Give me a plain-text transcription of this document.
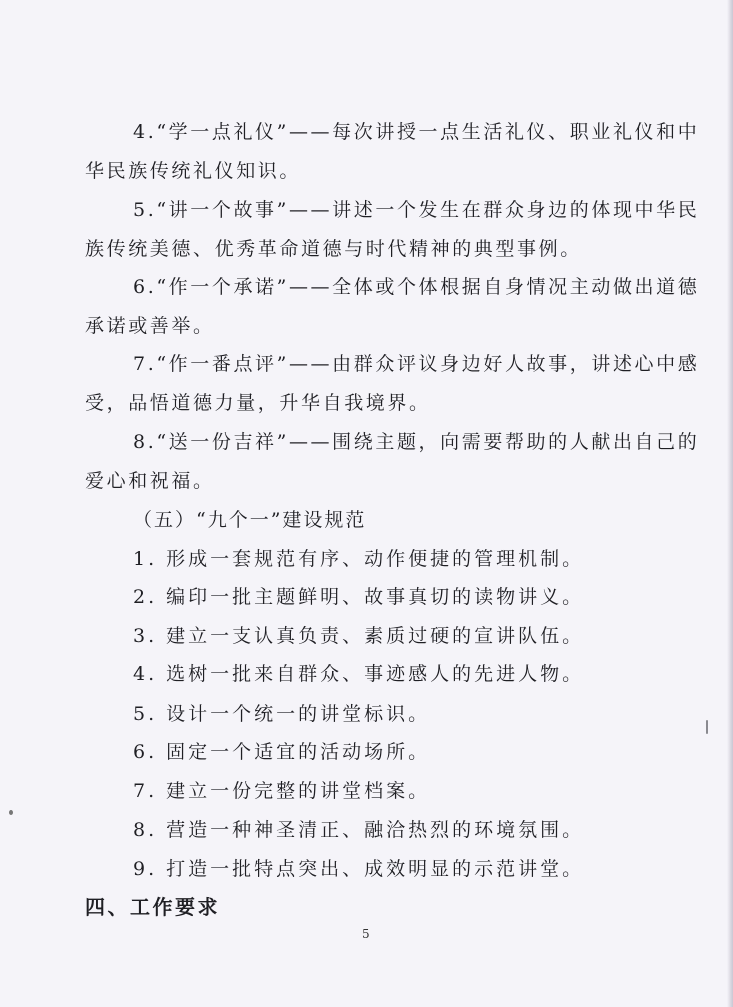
4.“学一点礼仪”——每次讲授一点生活礼仪、职业礼仪和中
华民族传统礼仪知识。
5.“讲一个故事”——讲述一个发生在群众身边的体现中华民
族传统美德、优秀革命道德与时代精神的典型事例。
6.“作一个承诺”——全体或个体根据自身情况主动做出道德
承诺或善举。
7.“作一番点评”——由群众评议身边好人故事，讲述心中感
受，品悟道德力量，升华自我境界。
8.“送一份吉祥”——围绕主题，向需要帮助的人献出自己的
爱心和祝福。
（五）“九个一”建设规范
1. 形成一套规范有序、动作便捷的管理机制。
2. 编印一批主题鲜明、故事真切的读物讲义。
3. 建立一支认真负责、素质过硬的宣讲队伍。
4. 选树一批来自群众、事迹感人的先进人物。
5. 设计一个统一的讲堂标识。
6. 固定一个适宜的活动场所。
7. 建立一份完整的讲堂档案。
8. 营造一种神圣清正、融洽热烈的环境氛围。
9. 打造一批特点突出、成效明显的示范讲堂。
四、工作要求
5
